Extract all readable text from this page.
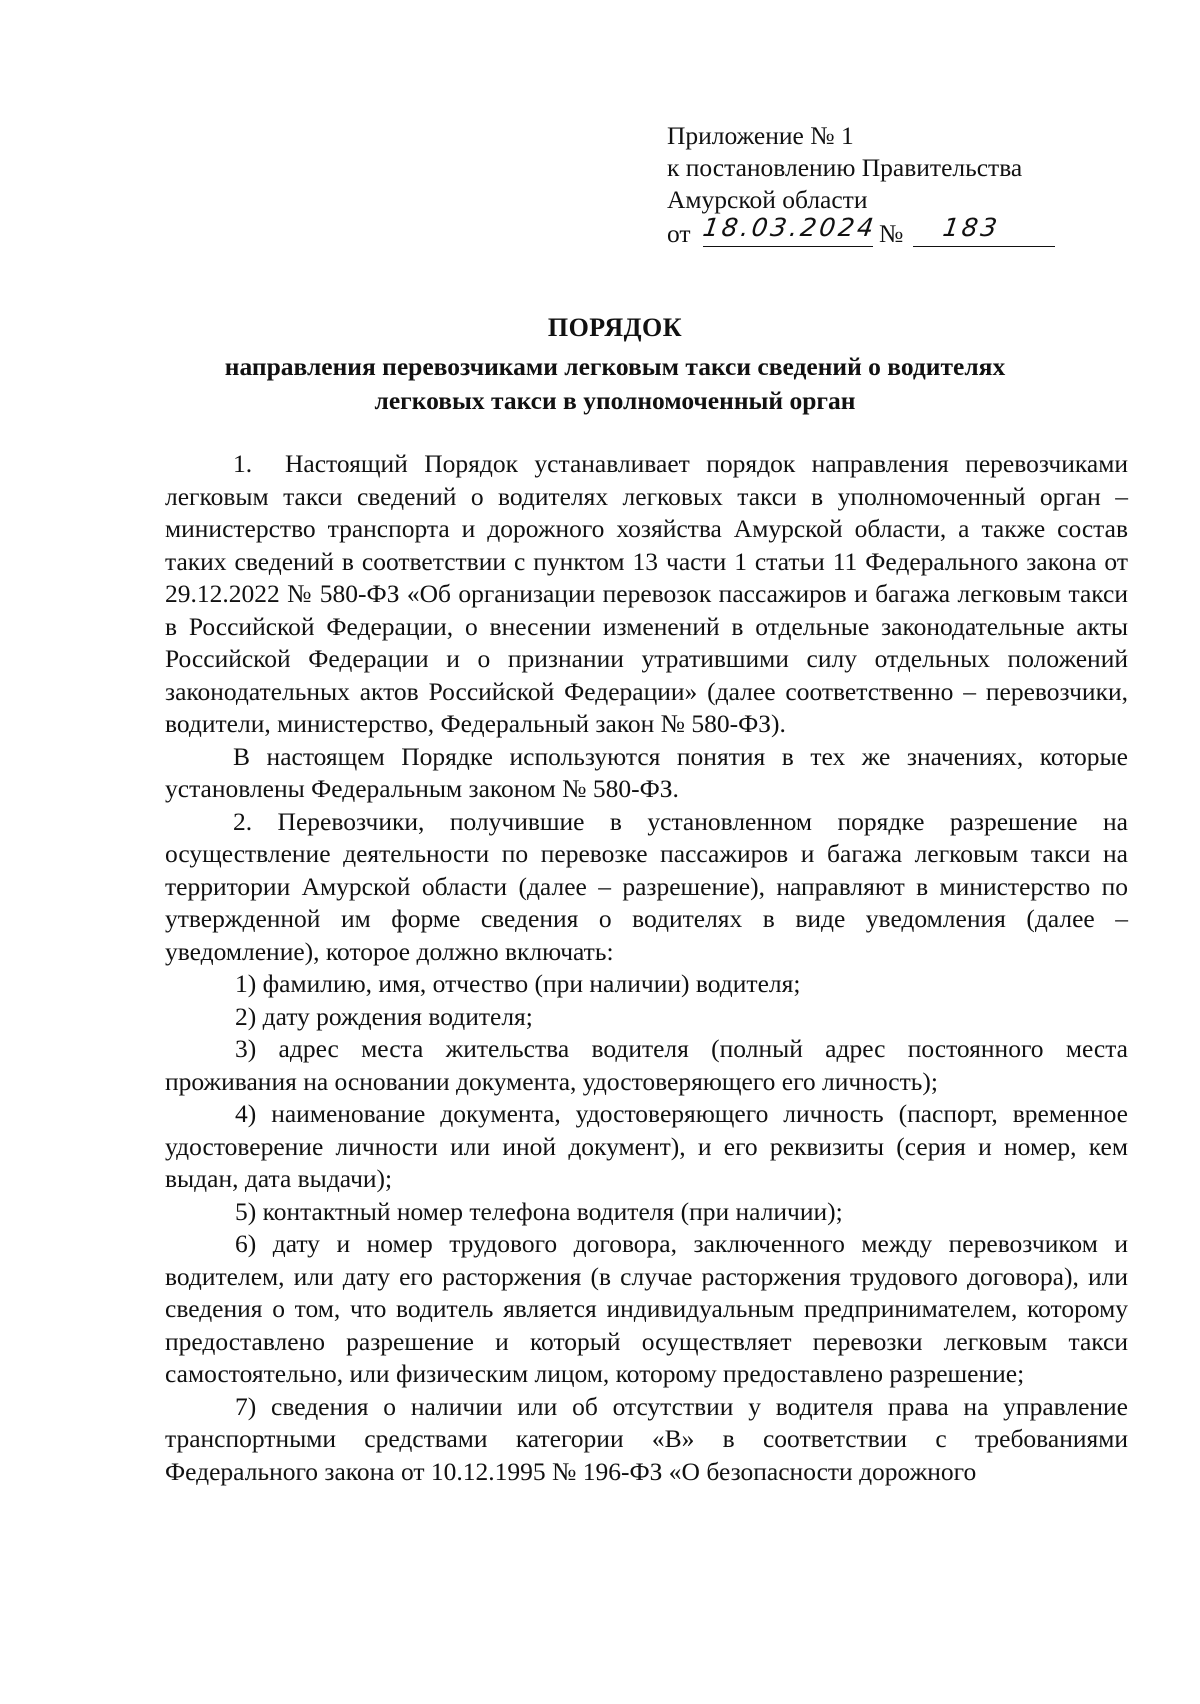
Приложение № 1
к постановлению Правительства
Амурской области
от 18.03.2024 №	183
ПОРЯДОК
направления перевозчиками легковым такси сведений о водителях
легковых такси в уполномоченный орган

1.  Настоящий Порядок устанавливает порядок направления перевозчиками легковым такси сведений о водителях легковых такси в уполномоченный орган – министерство транспорта и дорожного хозяйства Амурской области, а также состав таких сведений в соответствии с пунктом 13 части 1 статьи 11 Федерального закона от 29.12.2022 № 580-ФЗ «Об организации перевозок пассажиров и багажа легковым такси в Российской Федерации, о внесении изменений в отдельные законодательные акты Российской Федерации и о признании утратившими силу отдельных положений законодательных актов Российской Федерации» (далее соответственно – перевозчики, водители, министерство, Федеральный закон № 580-ФЗ).

В настоящем Порядке используются понятия в тех же значениях, которые установлены Федеральным законом № 580-ФЗ.

2. Перевозчики, получившие в установленном порядке разрешение на осуществление деятельности по перевозке пассажиров и багажа легковым такси на территории Амурской области (далее – разрешение), направляют в министерство по утвержденной им форме сведения о водителях в виде уведомления (далее – уведомление), которое должно включать:

1) фамилию, имя, отчество (при наличии) водителя;

2) дату рождения водителя;

3) адрес места жительства водителя (полный адрес постоянного места проживания на основании документа, удостоверяющего его личность);

4) наименование документа, удостоверяющего личность (паспорт, временное удостоверение личности или иной документ), и его реквизиты (серия и номер, кем выдан, дата выдачи);

5) контактный номер телефона водителя (при наличии);

6) дату и номер трудового договора, заключенного между перевозчиком и водителем, или дату его расторжения (в случае расторжения трудового договора), или сведения о том, что водитель является индивидуальным предпринимателем, которому предоставлено разрешение и который осуществляет перевозки легковым такси самостоятельно, или физическим лицом, которому предоставлено разрешение;

7) сведения о наличии или об отсутствии у водителя права на управление транспортными средствами категории «B» в соответствии с требованиями Федерального закона от 10.12.1995 № 196-ФЗ «О безопасности дорожного
